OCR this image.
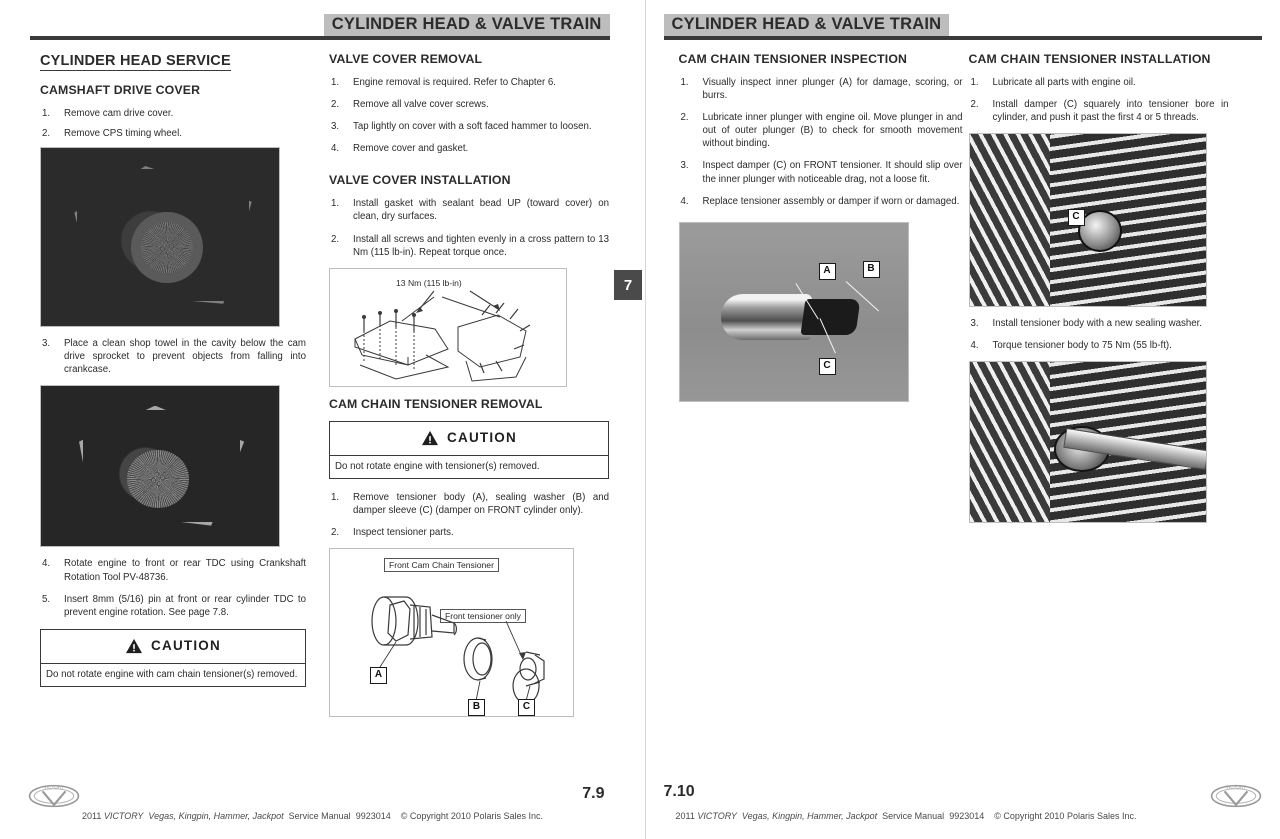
CYLINDER HEAD & VALVE TRAIN
7
CYLINDER HEAD SERVICE
CAMSHAFT DRIVE COVER
1.	Remove cam drive cover.
2.	Remove CPS timing wheel.
3.	Place a clean shop towel in the cavity below the cam drive sprocket to prevent objects from falling into crankcase.
4.	Rotate engine to front or rear TDC using Crankshaft Rotation Tool PV-48736.
5.	Insert 8mm (5/16) pin at front or rear cylinder TDC to prevent engine rotation. See page 7.8.
CAUTION
Do not rotate engine with cam chain tensioner(s) removed.
VALVE COVER REMOVAL
1.	Engine removal is required. Refer to Chapter 6.
2.	Remove all valve cover screws.
3.	Tap lightly on cover with a soft faced hammer to loosen.
4.	Remove cover and gasket.
VALVE COVER INSTALLATION
1.	Install gasket with sealant bead UP (toward cover) on clean, dry surfaces.
2.	Install all screws and tighten evenly in a cross pattern to 13 Nm (115 lb-in). Repeat torque once.
13 Nm (115 lb-in)
CAM CHAIN TENSIONER REMOVAL
CAUTION
Do not rotate engine with tensioner(s) removed.
1.	Remove tensioner body (A), sealing washer (B) and damper sleeve (C) (damper on FRONT cylinder only).
2.	Inspect tensioner parts.
Front Cam Chain Tensioner
Front tensioner only
A
B	C
VICTORY	7.9
2011 VICTORY Vegas, Kingpin, Hammer, Jackpot Service Manual 9923014 © Copyright 2010 Polaris Sales Inc.
CYLINDER HEAD & VALVE TRAIN
CAM CHAIN TENSIONER INSPECTION
1.	Visually inspect inner plunger (A) for damage, scoring, or burrs.
2.	Lubricate inner plunger with engine oil. Move plunger in and out of outer plunger (B) to check for smooth movement without binding.
3.	Inspect damper (C) on FRONT tensioner. It should slip over the inner plunger with noticeable drag, not a loose fit.
4.	Replace tensioner assembly or damper if worn or damaged.
A	B
C
CAM CHAIN TENSIONER INSTALLATION
1.	Lubricate all parts with engine oil.
2.	Install damper (C) squarely into tensioner bore in cylinder, and push it past the first 4 or 5 threads.
C
3.	Install tensioner body with a new sealing washer.
4.	Torque tensioner body to 75 Nm (55 lb-ft).
7.10
2011 VICTORY Vegas, Kingpin, Hammer, Jackpot Service Manual 9923014 © Copyright 2010 Polaris Sales Inc.
VICTORY
